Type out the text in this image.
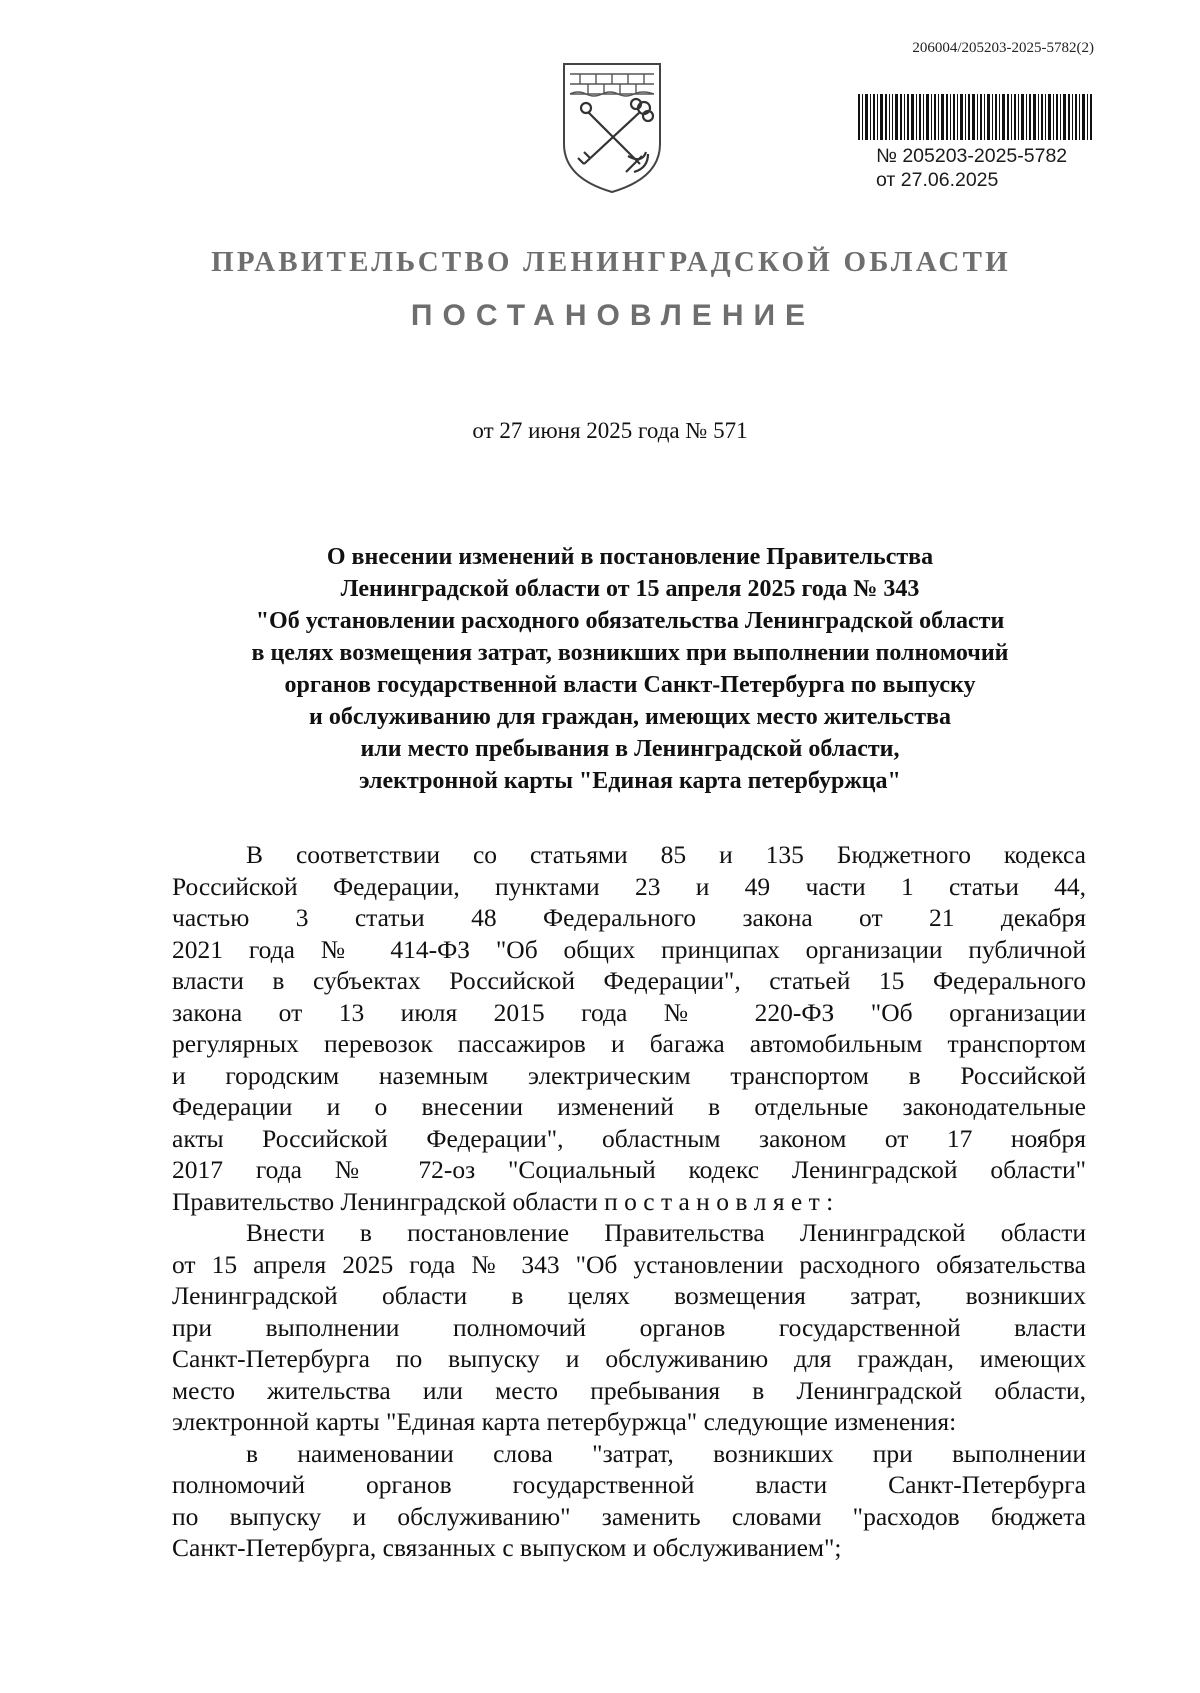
206004/205203-2025-5782(2)
№ 205203-2025-5782
от 27.06.2025
ПРАВИТЕЛЬСТВО ЛЕНИНГРАДСКОЙ ОБЛАСТИ
ПОСТАНОВЛЕНИЕ
от 27 июня 2025 года № 571
О внесении изменений в постановление Правительства
Ленинградской области от 15 апреля 2025 года № 343
"Об установлении расходного обязательства Ленинградской области
в целях возмещения затрат, возникших при выполнении полномочий
органов государственной власти Санкт-Петербурга по выпуску
и обслуживанию для граждан, имеющих место жительства
или место пребывания в Ленинградской области,
электронной карты "Единая карта петербуржца"
В соответствии со статьями 85 и 135 Бюджетного кодекса
Российской Федерации, пунктами 23 и 49 части 1 статьи 44,
частью 3 статьи 48 Федерального закона от 21 декабря
2021 года № 414-ФЗ "Об общих принципах организации публичной
власти в субъектах Российской Федерации", статьей 15 Федерального
закона от 13 июля 2015 года № 220-ФЗ "Об организации
регулярных перевозок пассажиров и багажа автомобильным транспортом
и городским наземным электрическим транспортом в Российской
Федерации и о внесении изменений в отдельные законодательные
акты Российской Федерации", областным законом от 17 ноября
2017 года № 72-оз "Социальный кодекс Ленинградской области"
Правительство Ленинградской области п о с т а н о в л я е т :
Внести в постановление Правительства Ленинградской области
от 15 апреля 2025 года № 343 "Об установлении расходного обязательства
Ленинградской области в целях возмещения затрат, возникших
при выполнении полномочий органов государственной власти
Санкт-Петербурга по выпуску и обслуживанию для граждан, имеющих
место жительства или место пребывания в Ленинградской области,
электронной карты "Единая карта петербуржца" следующие изменения:
в наименовании слова "затрат, возникших при выполнении
полномочий органов государственной власти Санкт-Петербурга
по выпуску и обслуживанию" заменить словами "расходов бюджета
Санкт-Петербурга, связанных с выпуском и обслуживанием";
